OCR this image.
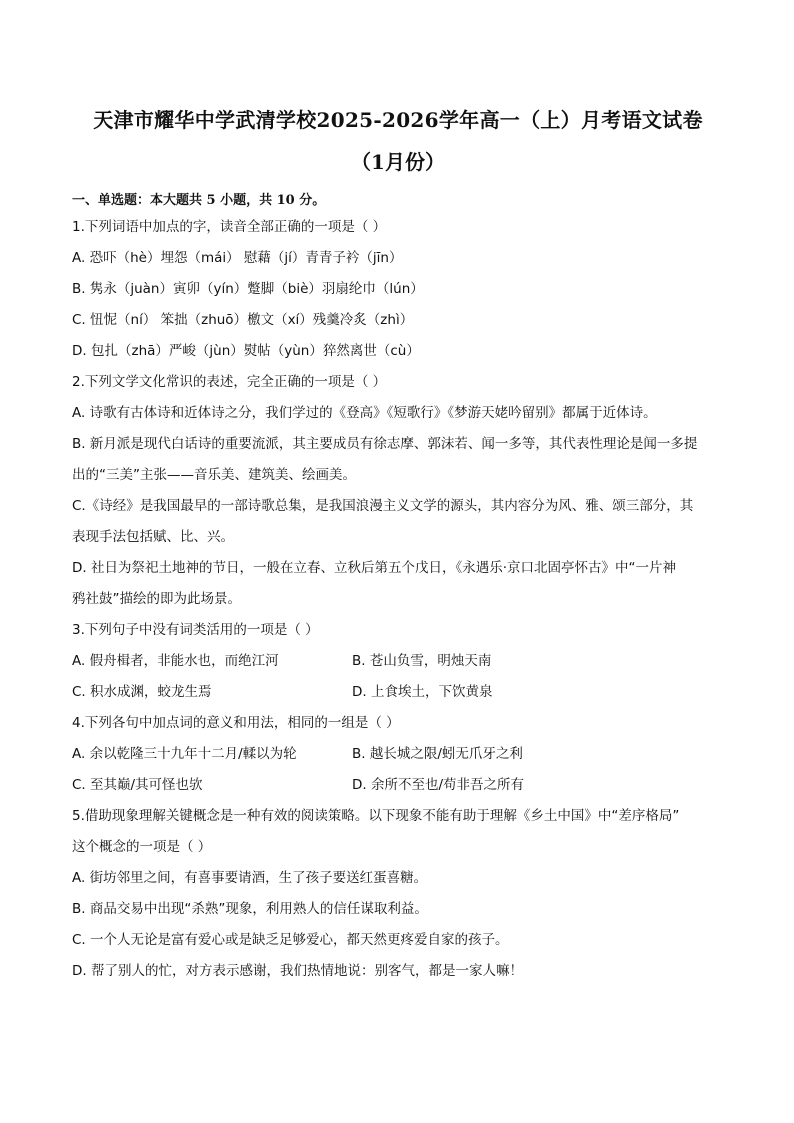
天津市耀华中学武清学校2025-2026学年高一（上）月考语文试卷
（1月份）
一、单选题：本大题共 5 小题，共 10 分。
1.下列词语中加点的字，读音全部正确的一项是（ ）
A. 恐吓（hè）埋怨（mái） 慰藉（jí）青青子衿（jīn）
B. 隽永（juàn）寅卯（yín）蹩脚（biè）羽扇纶巾（lún）
C. 忸怩（ní） 笨拙（zhuō）檄文（xí）残羹冷炙（zhì）
D. 包扎（zhā）严峻（jùn）熨帖（yùn）猝然离世（cù）
2.下列文学文化常识的表述，完全正确的一项是（ ）
A. 诗歌有古体诗和近体诗之分，我们学过的《登高》《短歌行》《梦游天姥吟留别》都属于近体诗。
B. 新月派是现代白话诗的重要流派，其主要成员有徐志摩、郭沫若、闻一多等，其代表性理论是闻一多提
出的“三美”主张——音乐美、建筑美、绘画美。
C.《诗经》是我国最早的一部诗歌总集，是我国浪漫主义文学的源头，其内容分为风、雅、颂三部分，其
表现手法包括赋、比、兴。
D. 社日为祭祀土地神的节日，一般在立春、立秋后第五个戊日，《永遇乐·京口北固亭怀古》中“一片神
鸦社鼓”描绘的即为此场景。
3.下列句子中没有词类活用的一项是（ ）
A. 假舟楫者，非能水也，而绝江河	B. 苍山负雪，明烛天南
C. 积水成渊，蛟龙生焉	D. 上食埃土，下饮黄泉
4.下列各句中加点词的意义和用法，相同的一组是（ ）
A. 余以乾隆三十九年十二月/輮以为轮	B. 越长城之限/蚓无爪牙之利
C. 至其巅/其可怪也欤	D. 余所不至也/苟非吾之所有
5.借助现象理解关键概念是一种有效的阅读策略。以下现象不能有助于理解《乡土中国》中“差序格局”
这个概念的一项是（ ）
A. 街坊邻里之间，有喜事要请酒，生了孩子要送红蛋喜糖。
B. 商品交易中出现“杀熟”现象，利用熟人的信任谋取利益。
C. 一个人无论是富有爱心或是缺乏足够爱心，都天然更疼爱自家的孩子。
D. 帮了别人的忙，对方表示感谢，我们热情地说：别客气，都是一家人嘛！
